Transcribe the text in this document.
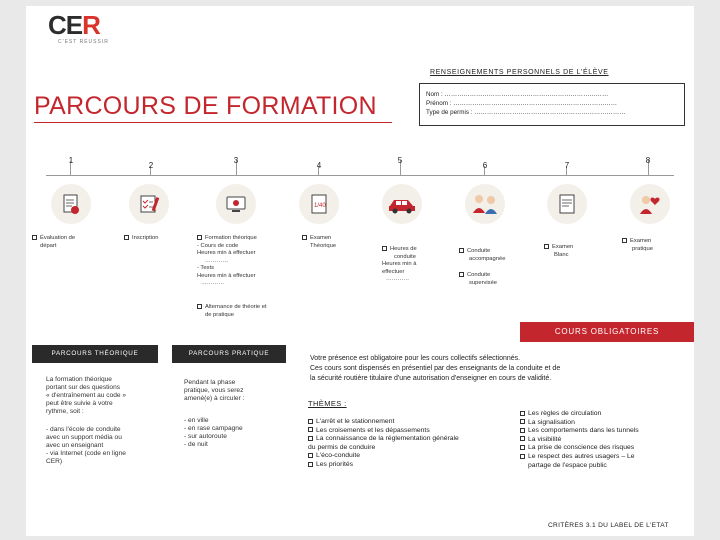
CE R
C'EST RÉUSSIR
PARCOURS DE FORMATION
RENSEIGNEMENTS PERSONNELS DE L'ÉLÈVE
Nom : ……………………………………………………………………
Prénom : ……………………………………………………………………
Type de permis : ………………………………………………………………
1
2
3
4
5
6	7
8
1/40
Évaluation de
départ
Inscription	Formation théorique
- Cours de code
Heures min à effectuer
…………
- Tests
Heures min à effectuer
…………
Examen
Théorique
Heures de
conduite
Heures min à
effectuer
…………
Conduite
accompagnée
Conduite
supervisée
Examen
Blanc
Examen
pratique
Alternance de théorie et
de pratique
COURS OBLIGATOIRES
PARCOURS THÉORIQUE
La formation théorique
portant sur des questions
« d'entraînement au code »
peut être suivie à votre
rythme, soit :
- dans l'école de conduite
avec un support média ou
avec un enseignant
- via Internet (code en ligne
CER)
PARCOURS PRATIQUE
Pendant la phase
pratique, vous serez
amené(e) à circuler :
- en ville
- en rase campagne
- sur autoroute
- de nuit
Votre présence est obligatoire pour les cours collectifs sélectionnés.
Ces cours sont dispensés en présentiel par des enseignants de la conduite et de
la sécurité routière titulaire d'une autorisation d'enseigner en cours de validité.
THÈMES :
L'arrêt et le stationnement
Les croisements et les dépassements
La connaissance de la réglementation générale
du permis de conduire
L'éco-conduite
Les priorités
Les règles de circulation
La signalisation
Les comportements dans les tunnels
La visibilité
La prise de conscience des risques
Le respect des autres usagers – Le
partage de l'espace public
CRITÈRES 3.1 DU LABEL DE L'ETAT
